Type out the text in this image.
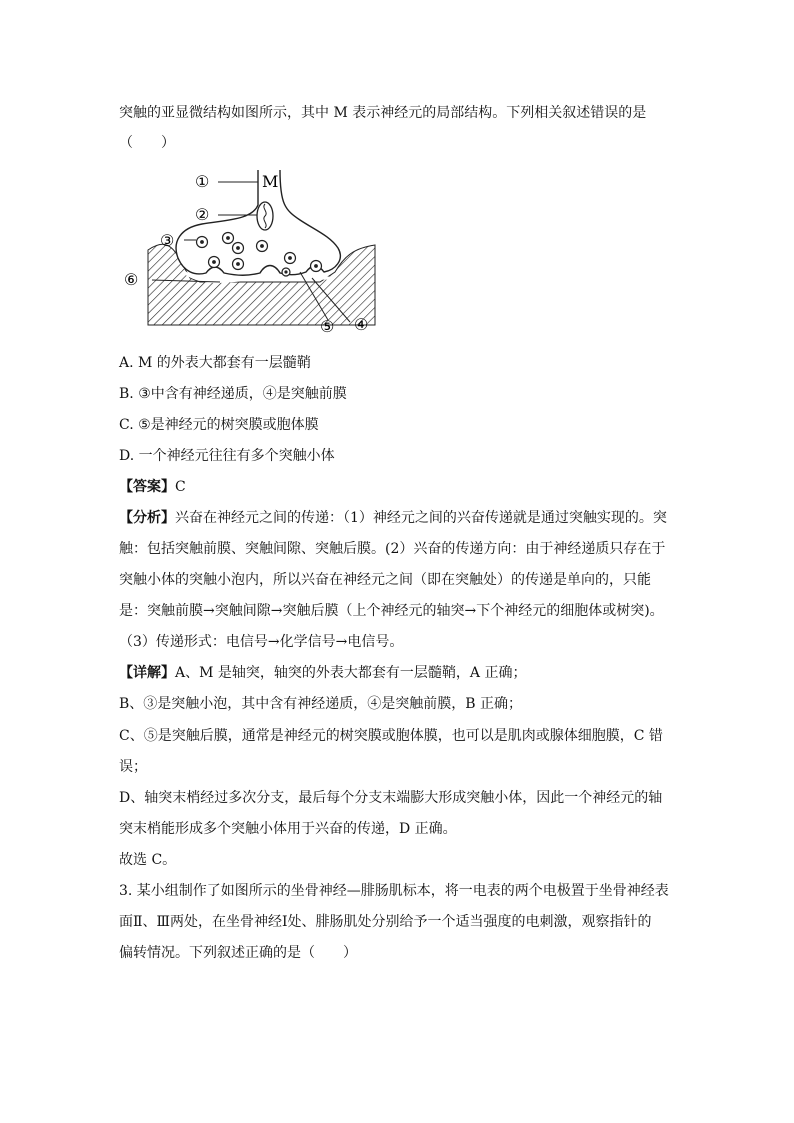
突触的亚显微结构如图所示，其中 M 表示神经元的局部结构。下列相关叙述错误的是
（　　）
①
②
③
⑥
⑤ ④
M
A. M 的外表大都套有一层髓鞘
B. ③中含有神经递质，④是突触前膜
C. ⑤是神经元的树突膜或胞体膜
D. 一个神经元往往有多个突触小体
【答案】C
【分析】兴奋在神经元之间的传递：（1）神经元之间的兴奋传递就是通过突触实现的。突
触：包括突触前膜、突触间隙、突触后膜。(2）兴奋的传递方向：由于神经递质只存在于
突触小体的突触小泡内，所以兴奋在神经元之间（即在突触处）的传递是单向的，只能
是：突触前膜→突触间隙→突触后膜（上个神经元的轴突→下个神经元的细胞体或树突)。
（3）传递形式：电信号→化学信号→电信号。
【详解】A、M 是轴突，轴突的外表大都套有一层髓鞘，A 正确；
B、③是突触小泡，其中含有神经递质，④是突触前膜，B 正确；
C、⑤是突触后膜，通常是神经元的树突膜或胞体膜，也可以是肌肉或腺体细胞膜，C 错
误；
D、轴突末梢经过多次分支，最后每个分支末端膨大形成突触小体，因此一个神经元的轴
突末梢能形成多个突触小体用于兴奋的传递，D 正确。
故选 C。
3. 某小组制作了如图所示的坐骨神经—腓肠肌标本，将一电表的两个电极置于坐骨神经表
面Ⅱ、Ⅲ两处，在坐骨神经Ⅰ处、腓肠肌处分别给予一个适当强度的电刺激，观察指针的
偏转情况。下列叙述正确的是（　　）
